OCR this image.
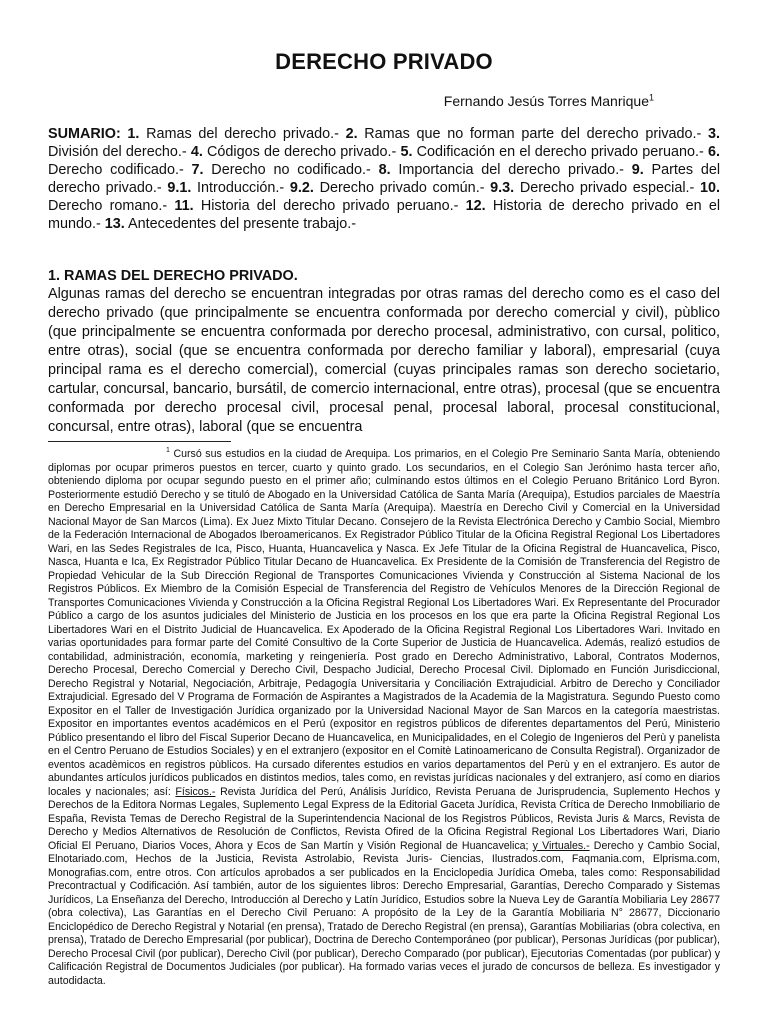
DERECHO PRIVADO
Fernando Jesús Torres Manrique$^1$

SUMARIO: 1. Ramas del derecho privado.- 2. Ramas que no forman parte del derecho privado.- 3. División del derecho.- 4. Códigos de derecho privado.- 5. Codificación en el derecho privado peruano.- 6. Derecho codificado.- 7. Derecho no codificado.- 8. Importancia del derecho privado.- 9. Partes del derecho privado.- 9.1. Introducción.- 9.2. Derecho privado común.- 9.3. Derecho privado especial.- 10. Derecho romano.- 11. Historia del derecho privado peruano.- 12. Historia de derecho privado en el mundo.- 13. Antecedentes del presente trabajo.-

1. RAMAS DEL DERECHO PRIVADO.

Algunas ramas del derecho se encuentran integradas por otras ramas del derecho como es el caso del derecho privado (que principalmente se encuentra conformada por derecho comercial y civil), pùblico (que principalmente se encuentra conformada por derecho procesal, administrativo, con cursal, politico, entre otras), social (que se encuentra conformada por derecho familiar y laboral), empresarial (cuya principal rama es el derecho comercial), comercial (cuyas principales ramas son derecho societario, cartular, concursal, bancario, bursátil, de comercio internacional, entre otras), procesal (que se encuentra conformada por derecho procesal civil, procesal penal, procesal laboral, procesal constitucional, concursal, entre otras), laboral (que se encuentra

$^1$ Cursó sus estudios en la ciudad de Arequipa. Los primarios, en el Colegio Pre Seminario Santa María, obteniendo diplomas por ocupar primeros puestos en tercer, cuarto y quinto grado. Los secundarios, en el Colegio San Jerónimo hasta tercer año, obteniendo diploma por ocupar segundo puesto en el primer año; culminando estos últimos en el Colegio Peruano Británico Lord Byron. Posteriormente estudió Derecho y se tituló de Abogado en la Universidad Católica de Santa María (Arequipa), Estudios parciales de Maestría en Derecho Empresarial en la Universidad Católica de Santa María (Arequipa). Maestría en Derecho Civil y Comercial en la Universidad Nacional Mayor de San Marcos (Lima). Ex Juez Mixto Titular Decano. Consejero de la Revista Electrónica Derecho y Cambio Social, Miembro de la Federación Internacional de Abogados Iberoamericanos. Ex Registrador Público Titular de la Oficina Registral Regional Los Libertadores Wari, en las Sedes Registrales de Ica, Pisco, Huanta, Huancavelica y Nasca. Ex Jefe Titular de la Oficina Registral de Huancavelica, Pisco, Nasca, Huanta e Ica, Ex Registrador Público Titular Decano de Huancavelica. Ex Presidente de la Comisión de Transferencia del Registro de Propiedad Vehicular de la Sub Dirección Regional de Transportes Comunicaciones Vivienda y Construcción al Sistema Nacional de los Registros Públicos. Ex Miembro de la Comisión Especial de Transferencia del Registro de Vehículos Menores de la Dirección Regional de Transportes Comunicaciones Vivienda y Construcción a la Oficina Registral Regional Los Libertadores Wari. Ex Representante del Procurador Público a cargo de los asuntos judiciales del Ministerio de Justicia en los procesos en los que era parte la Oficina Registral Regional Los Libertadores Wari en el Distrito Judicial de Huancavelica. Ex Apoderado de la Oficina Registral Regional Los Libertadores Wari. Invitado en varias oportunidades para formar parte del Comité Consultivo de la Corte Superior de Justicia de Huancavelica. Además, realizó estudios de contabilidad, administración, economía, marketing y reingeniería. Post grado en Derecho Administrativo, Laboral, Contratos Modernos, Derecho Procesal, Derecho Comercial y Derecho Civil, Despacho Judicial, Derecho Procesal Civil. Diplomado en Función Jurisdiccional, Derecho Registral y Notarial, Negociación, Arbitraje, Pedagogía Universitaria y Conciliación Extrajudicial. Arbitro de Derecho y Conciliador Extrajudicial. Egresado del V Programa de Formación de Aspirantes a Magistrados de la Academia de la Magistratura. Segundo Puesto como Expositor en el Taller de Investigación Jurídica organizado por la Universidad Nacional Mayor de San Marcos en la categoría maestristas. Expositor en importantes eventos académicos en el Perú (expositor en registros públicos de diferentes departamentos del Perú, Ministerio Público presentando el libro del Fiscal Superior Decano de Huancavelica, en Municipalidades, en el Colegio de Ingenieros del Perù y panelista en el Centro Peruano de Estudios Sociales) y en el extranjero (expositor en el Comitè Latinoamericano de Consulta Registral). Organizador de eventos acadèmicos en registros pùblicos. Ha cursado diferentes estudios en varios departamentos del Perù y en el extranjero. Es autor de abundantes artículos jurídicos publicados en distintos medios, tales como, en revistas jurídicas nacionales y del extranjero, así como en diarios locales y nacionales; así: Físicos.- Revista Jurídica del Perú, Análisis Jurídico, Revista Peruana de Jurisprudencia, Suplemento Hechos y Derechos de la Editora Normas Legales, Suplemento Legal Express de la Editorial Gaceta Jurídica, Revista Crítica de Derecho Inmobiliario de España, Revista Temas de Derecho Registral de la Superintendencia Nacional de los Registros Públicos, Revista Juris & Marcs, Revista de Derecho y Medios Alternativos de Resolución de Conflictos, Revista Ofired de la Oficina Registral Regional Los Libertadores Wari, Diario Oficial El Peruano, Diarios Voces, Ahora y Ecos de San Martín y Visión Regional de Huancavelica; y Virtuales.- Derecho y Cambio Social, Elnotariado.com, Hechos de la Justicia, Revista Astrolabio, Revista Juris- Ciencias, Ilustrados.com, Faqmania.com, Elprisma.com, Monografias.com, entre otros. Con artículos aprobados a ser publicados en la Enciclopedia Jurídica Omeba, tales como: Responsabilidad Precontractual y Codificación. Así también, autor de los siguientes libros: Derecho Empresarial, Garantías, Derecho Comparado y Sistemas Jurídicos, La Enseñanza del Derecho, Introducción al Derecho y Latín Jurídico, Estudios sobre la Nueva Ley de Garantía Mobiliaria Ley 28677 (obra colectiva), Las Garantías en el Derecho Civil Peruano: A propósito de la Ley de la Garantía Mobiliaria N° 28677, Diccionario Enciclopédico de Derecho Registral y Notarial (en prensa), Tratado de Derecho Registral (en prensa), Garantías Mobiliarias (obra colectiva, en prensa), Tratado de Derecho Empresarial (por publicar), Doctrina de Derecho Contemporáneo (por publicar), Personas Jurídicas (por publicar), Derecho Procesal Civil (por publicar), Derecho Civil (por publicar), Derecho Comparado (por publicar), Ejecutorias Comentadas (por publicar) y Calificación Registral de Documentos Judiciales (por publicar). Ha formado varias veces el jurado de concursos de belleza. Es investigador y autodidacta.
